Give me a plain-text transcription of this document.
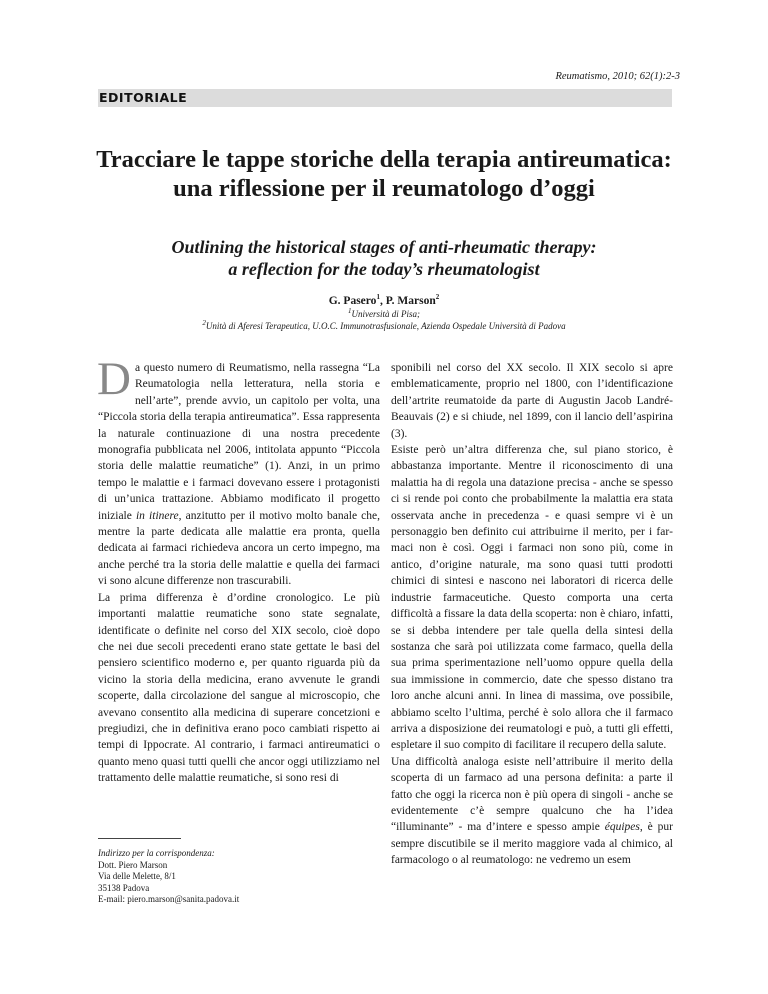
Reumatismo, 2010; 62(1):2-3
EDITORIALE
Tracciare le tappe storiche della terapia antireumatica:
una riflessione per il reumatologo d’oggi
Outlining the historical stages of anti-rheumatic therapy:
a reflection for the today’s rheumatologist
G. Pasero$^1$, P. Marson$^2$
$^1$Università di Pisa;
$^2$Unità di Aferesi Terapeutica, U.O.C. Immunotrasfusionale, Azienda Ospedale Università di Padova

Da questo numero di Reumatismo, nella rassegna “La Reumatologia nella letteratura, nella storia e nell’arte”, prende avvio, un capitolo per volta, una “Piccola storia della terapia antireumatica”. Essa rappresenta la naturale continuazione di una nostra precedente monografia pubblicata nel 2006, intitolata appunto “Piccola storia delle malattie reumatiche” (1). Anzi, in un primo tempo le malattie e i farmaci dovevano essere i protagonisti di un’unica trattazione. Abbiamo modificato il progetto iniziale in itinere, anzitutto per il motivo molto banale che, mentre la parte dedicata alle malattie era pronta, quella dedicata ai farmaci richiedeva ancora un certo impegno, ma anche perché tra la storia delle malattie e quella dei farmaci vi sono alcune differenze non trascurabili.

La prima differenza è d’ordine cronologico. Le più importanti malattie reumatiche sono state segnalate, identificate o definite nel corso del XIX secolo, cioè dopo che nei due secoli precedenti erano state gettate le basi del pensiero scientifico moderno e, per quanto riguarda più da vicino la storia della medicina, erano avvenute le grandi scoperte, dalla circolazione del sangue al microscopio, che avevano consentito alla medicina di superare concetzioni e pregiudizi, che in definitiva erano poco cambiati rispetto ai tempi di Ippocrate. Al contrario, i farmaci antireumatici o quanto meno quasi tutti quelli che ancor oggi utilizziamo nel trattamento delle malattie reumatiche, si sono resi di

sponibili nel corso del XX secolo. Il XIX secolo si apre emblematicamente, proprio nel 1800, con l’identificazione dell’artrite reumatoide da parte di Augustin Jacob Landré-Beauvais (2) e si chiude, nel 1899, con il lancio dell’aspirina (3).

Esiste però un’altra differenza che, sul piano storico, è abbastanza importante. Mentre il riconoscimento di una malattia ha di regola una datazione precisa - anche se spesso ci si rende poi conto che probabilmente la malattia era stata osservata anche in precedenza - e quasi sempre vi è un personaggio ben definito cui attribuirne il merito, per i farmaci non è così. Oggi i farmaci non sono più, come in antico, d’origine naturale, ma sono quasi tutti prodotti chimici di sintesi e nascono nei laboratori di ricerca delle industrie farmaceutiche. Questo comporta una certa difficoltà a fissare la data della scoperta: non è chiaro, infatti, se si debba intendere per tale quella della sintesi della sostanza che sarà poi utilizzata come farmaco, quella della sua prima sperimentazione nell’uomo oppure quella della sua immissione in commercio, date che spesso distano tra loro anche alcuni anni. In linea di massima, ove possibile, abbiamo scelto l’ultima, perché è solo allora che il farmaco arriva a disposizione dei reumatologi e può, a tutti gli effetti, espletare il suo compito di facilitare il recupero della salute.

Una difficoltà analoga esiste nell’attribuire il merito della scoperta di un farmaco ad una persona definita: a parte il fatto che oggi la ricerca non è più opera di singoli - anche se evidentemente c’è sempre qualcuno che ha l’idea “illuminante” - ma d’intere e spesso ampie équipes, è pur sempre discutibile se il merito maggiore vada al chimico, al farmacologo o al reumatologo: ne vedremo un esem

Indirizzo per la corrispondenza:
Dott. Piero Marson
Via delle Melette, 8/1
35138 Padova
E-mail: piero.marson@sanita.padova.it
